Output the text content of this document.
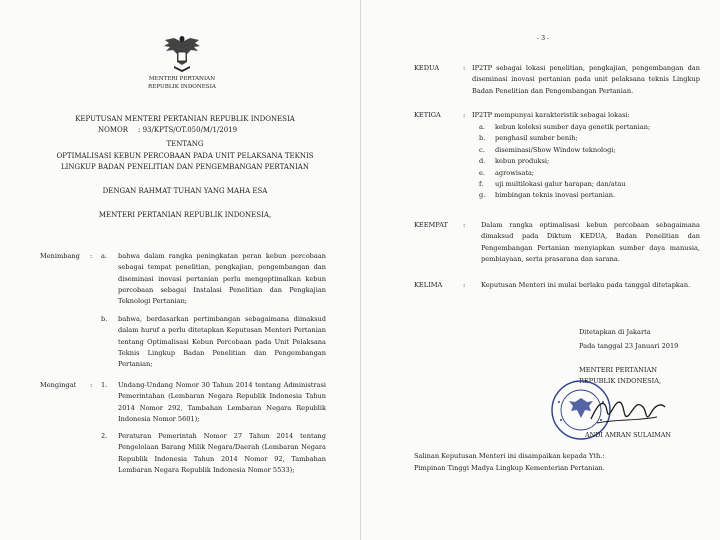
MENTERI PERTANIAN
REPUBLIK INDONESIA
KEPUTUSAN MENTERI PERTANIAN REPUBLIK INDONESIA
NOMOR : 93/KPTS/OT.050/M/1/2019
TENTANG
OPTIMALISASI KEBUN PERCOBAAN PADA UNIT PELAKSANA TEKNIS
LINGKUP BADAN PENELITIAN DAN PENGEMBANGAN PERTANIAN
DENGAN RAHMAT TUHAN YANG MAHA ESA
MENTERI PERTANIAN REPUBLIK INDONESIA,
Menimbang : a. bahwa dalam rangka peningkatan peran kebun percobaan sebagai tempat penelitian, pengkajian, pengembangan dan diseminasi inovasi pertanian perlu mengoptimalkan kebun percobaan sebagai Instalasi Penelitian dan Pengkajian Teknologi Pertanian;
b. bahwa, berdasarkan pertimbangan sebagaimana dimaksud dalam huruf a perlu ditetapkan Keputusan Menteri Pertanian tentang Optimalisasi Kebun Percobaan pada Unit Pelaksana Teknis Lingkup Badan Penelitian dan Pengembangan Pertanian;
Mengingat : 1. Undang-Undang Nomor 30 Tahun 2014 tentang Administrasi Pemerintahan (Lembaran Negara Republik Indonesia Tahun 2014 Nomor 292, Tambahan Lembaran Negara Republik Indonesia Nomor 5601);
2. Peraturan Pemerintah Nomor 27 Tahun 2014 tentang Pengelolaan Barang Milik Negara/Daerah (Lembaran Negara Republik Indonesia Tahun 2014 Nomor 92, Tambahan Lembaran Negara Republik Indonesia Nomor 5533);
- 3 -
KEDUA	: IP2TP sebagai lokasi penelitian, pengkajian, pengembangan dan diseminasi inovasi pertanian pada unit pelaksana teknis Lingkup Badan Penelitian dan Pengembangan Pertanian.
KETIGA	: IP2TP mempunyai karakteristik sebagai lokasi:
a. kebun koleksi sumber daya genetik pertanian;
b. penghasil sumber benih;
c. diseminasi/Show Window teknologi;
d. kebun produksi;
e. agrowisata;
f. uji multilokasi galur harapan; dan/atau
g. bimbingan teknis inovasi pertanian.
KEEMPAT : Dalam rangka optimalisasi kebun percobaan sebagaimana dimaksud pada Diktum KEDUA, Badan Penelitian dan Pengembangan Pertanian menyiapkan sumber daya manusia, pembiayaan, serta prasarana dan sarana.
KELIMA	: Keputusan Menteri ini mulai berlaku pada tanggal ditetapkan.
Ditetapkan di Jakarta
Pada tanggal 23 Januari 2019
MENTERI PERTANIAN
REPUBLIK INDONESIA,
ANDI AMRAN SULAIMAN
Salinan Keputusan Menteri ini disampaikan kepada Yth.:
Pimpinan Tinggi Madya Lingkup Kementerian Pertanian.
